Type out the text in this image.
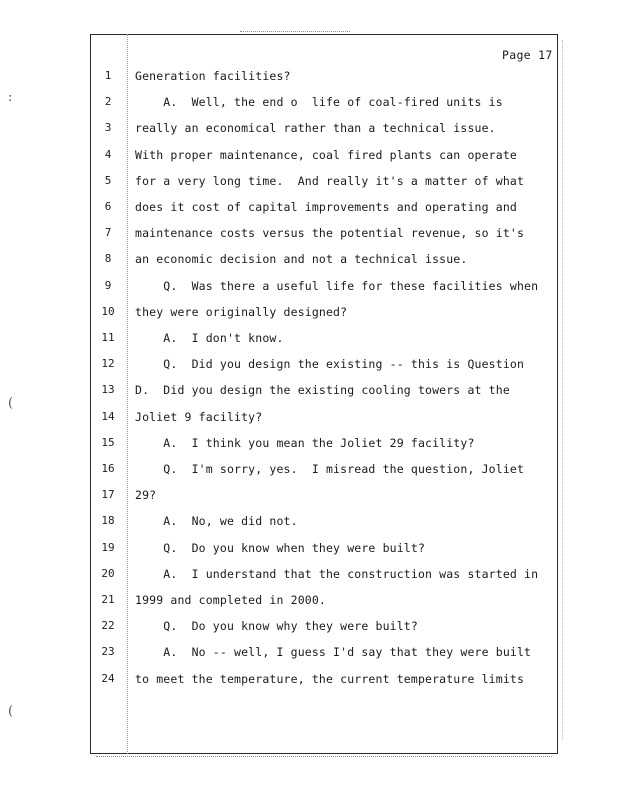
Page 17
:
(
(
1	Generation facilities?
2	A.  Well, the end o  life of coal-fired units is
3	really an economical rather than a technical issue.
4	With proper maintenance, coal fired plants can operate
5	for a very long time.  And really it's a matter of what
6	does it cost of capital improvements and operating and
7	maintenance costs versus the potential revenue, so it's
8	an economic decision and not a technical issue.
9	Q.  Was there a useful life for these facilities when
10	they were originally designed?
11	A.  I don't know.
12	Q.  Did you design the existing -- this is Question
13	D.  Did you design the existing cooling towers at the
14	Joliet 9 facility?
15	A.  I think you mean the Joliet 29 facility?
16	Q.  I'm sorry, yes.  I misread the question, Joliet
17	29?
18	A.  No, we did not.
19	Q.  Do you know when they were built?
20	A.  I understand that the construction was started in
21	1999 and completed in 2000.
22	Q.  Do you know why they were built?
23	A.  No -- well, I guess I'd say that they were built
24	to meet the temperature, the current temperature limits
